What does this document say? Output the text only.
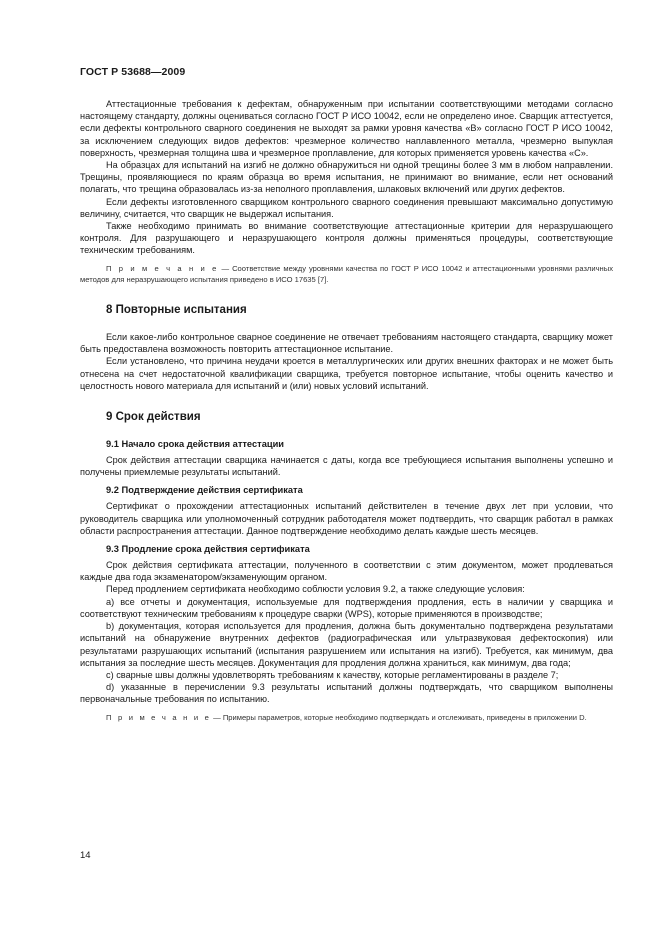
ГОСТ Р 53688—2009

Аттестационные требования к дефектам, обнаруженным при испытании соответствующими методами согласно настоящему стандарту, должны оцениваться согласно ГОСТ Р ИСО 10042, если не определено иное. Сварщик аттестуется, если дефекты контрольного сварного соединения не выходят за рамки уровня качества «B» согласно ГОСТ Р ИСО 10042, за исключением следующих видов дефектов: чрезмерное количество наплавленного металла, чрезмерно выпуклая поверхность, чрезмерная толщина шва и чрезмерное проплавление, для которых применяется уровень качества «C».

На образцах для испытаний на изгиб не должно обнаружиться ни одной трещины более 3 мм в любом направлении. Трещины, проявляющиеся по краям образца во время испытания, не принимают во внимание, если нет оснований полагать, что трещина образовалась из-за неполного проплавления, шлаковых включений или других дефектов.

Если дефекты изготовленного сварщиком контрольного сварного соединения превышают максимально допустимую величину, считается, что сварщик не выдержал испытания.

Также необходимо принимать во внимание соответствующие аттестационные критерии для неразрушающего контроля. Для разрушающего и неразрушающего контроля должны применяться процедуры, соответствующие техническим требованиям.

П р и м е ч а н и е — Соответствие между уровнями качества по ГОСТ Р ИСО 10042 и аттестационными уровнями различных методов для неразрушающего испытания приведено в ИСО 17635 [7].

8 Повторные испытания

Если какое-либо контрольное сварное соединение не отвечает требованиям настоящего стандарта, сварщику может быть предоставлена возможность повторить аттестационное испытание.

Если установлено, что причина неудачи кроется в металлургических или других внешних факторах и не может быть отнесена на счет недостаточной квалификации сварщика, требуется повторное испытание, чтобы оценить качество и целостность нового материала для испытаний и (или) новых условий испытаний.

9 Срок действия
9.1 Начало срока действия аттестации

Срок действия аттестации сварщика начинается с даты, когда все требующиеся испытания выполнены успешно и получены приемлемые результаты испытаний.

9.2 Подтверждение действия сертификата

Сертификат о прохождении аттестационных испытаний действителен в течение двух лет при условии, что руководитель сварщика или уполномоченный сотрудник работодателя может подтвердить, что сварщик работал в рамках области распространения аттестации. Данное подтверждение необходимо делать каждые шесть месяцев.

9.3 Продление срока действия сертификата

Срок действия сертификата аттестации, полученного в соответствии с этим документом, может продлеваться каждые два года экзаменатором/экзаменующим органом.

Перед продлением сертификата необходимо соблюсти условия 9.2, а также следующие условия:

a) все отчеты и документация, используемые для подтверждения продления, есть в наличии у сварщика и соответствуют техническим требованиям к процедуре сварки (WPS), которые применяются в производстве;

b) документация, которая используется для продления, должна быть документально подтверждена результатами испытаний на обнаружение внутренних дефектов (радиографическая или ультразвуковая дефектоскопия) или результатами разрушающих испытаний (испытания разрушением или испытания на изгиб). Требуется, как минимум, два испытания за последние шесть месяцев. Документация для продления должна храниться, как минимум, два года;

c) сварные швы должны удовлетворять требованиям к качеству, которые регламентированы в разделе 7;

d) указанные в перечислении 9.3 результаты испытаний должны подтверждать, что сварщиком выполнены первоначальные требования по испытанию.

П р и м е ч а н и е — Примеры параметров, которые необходимо подтверждать и отслеживать, приведены в приложении D.

14
